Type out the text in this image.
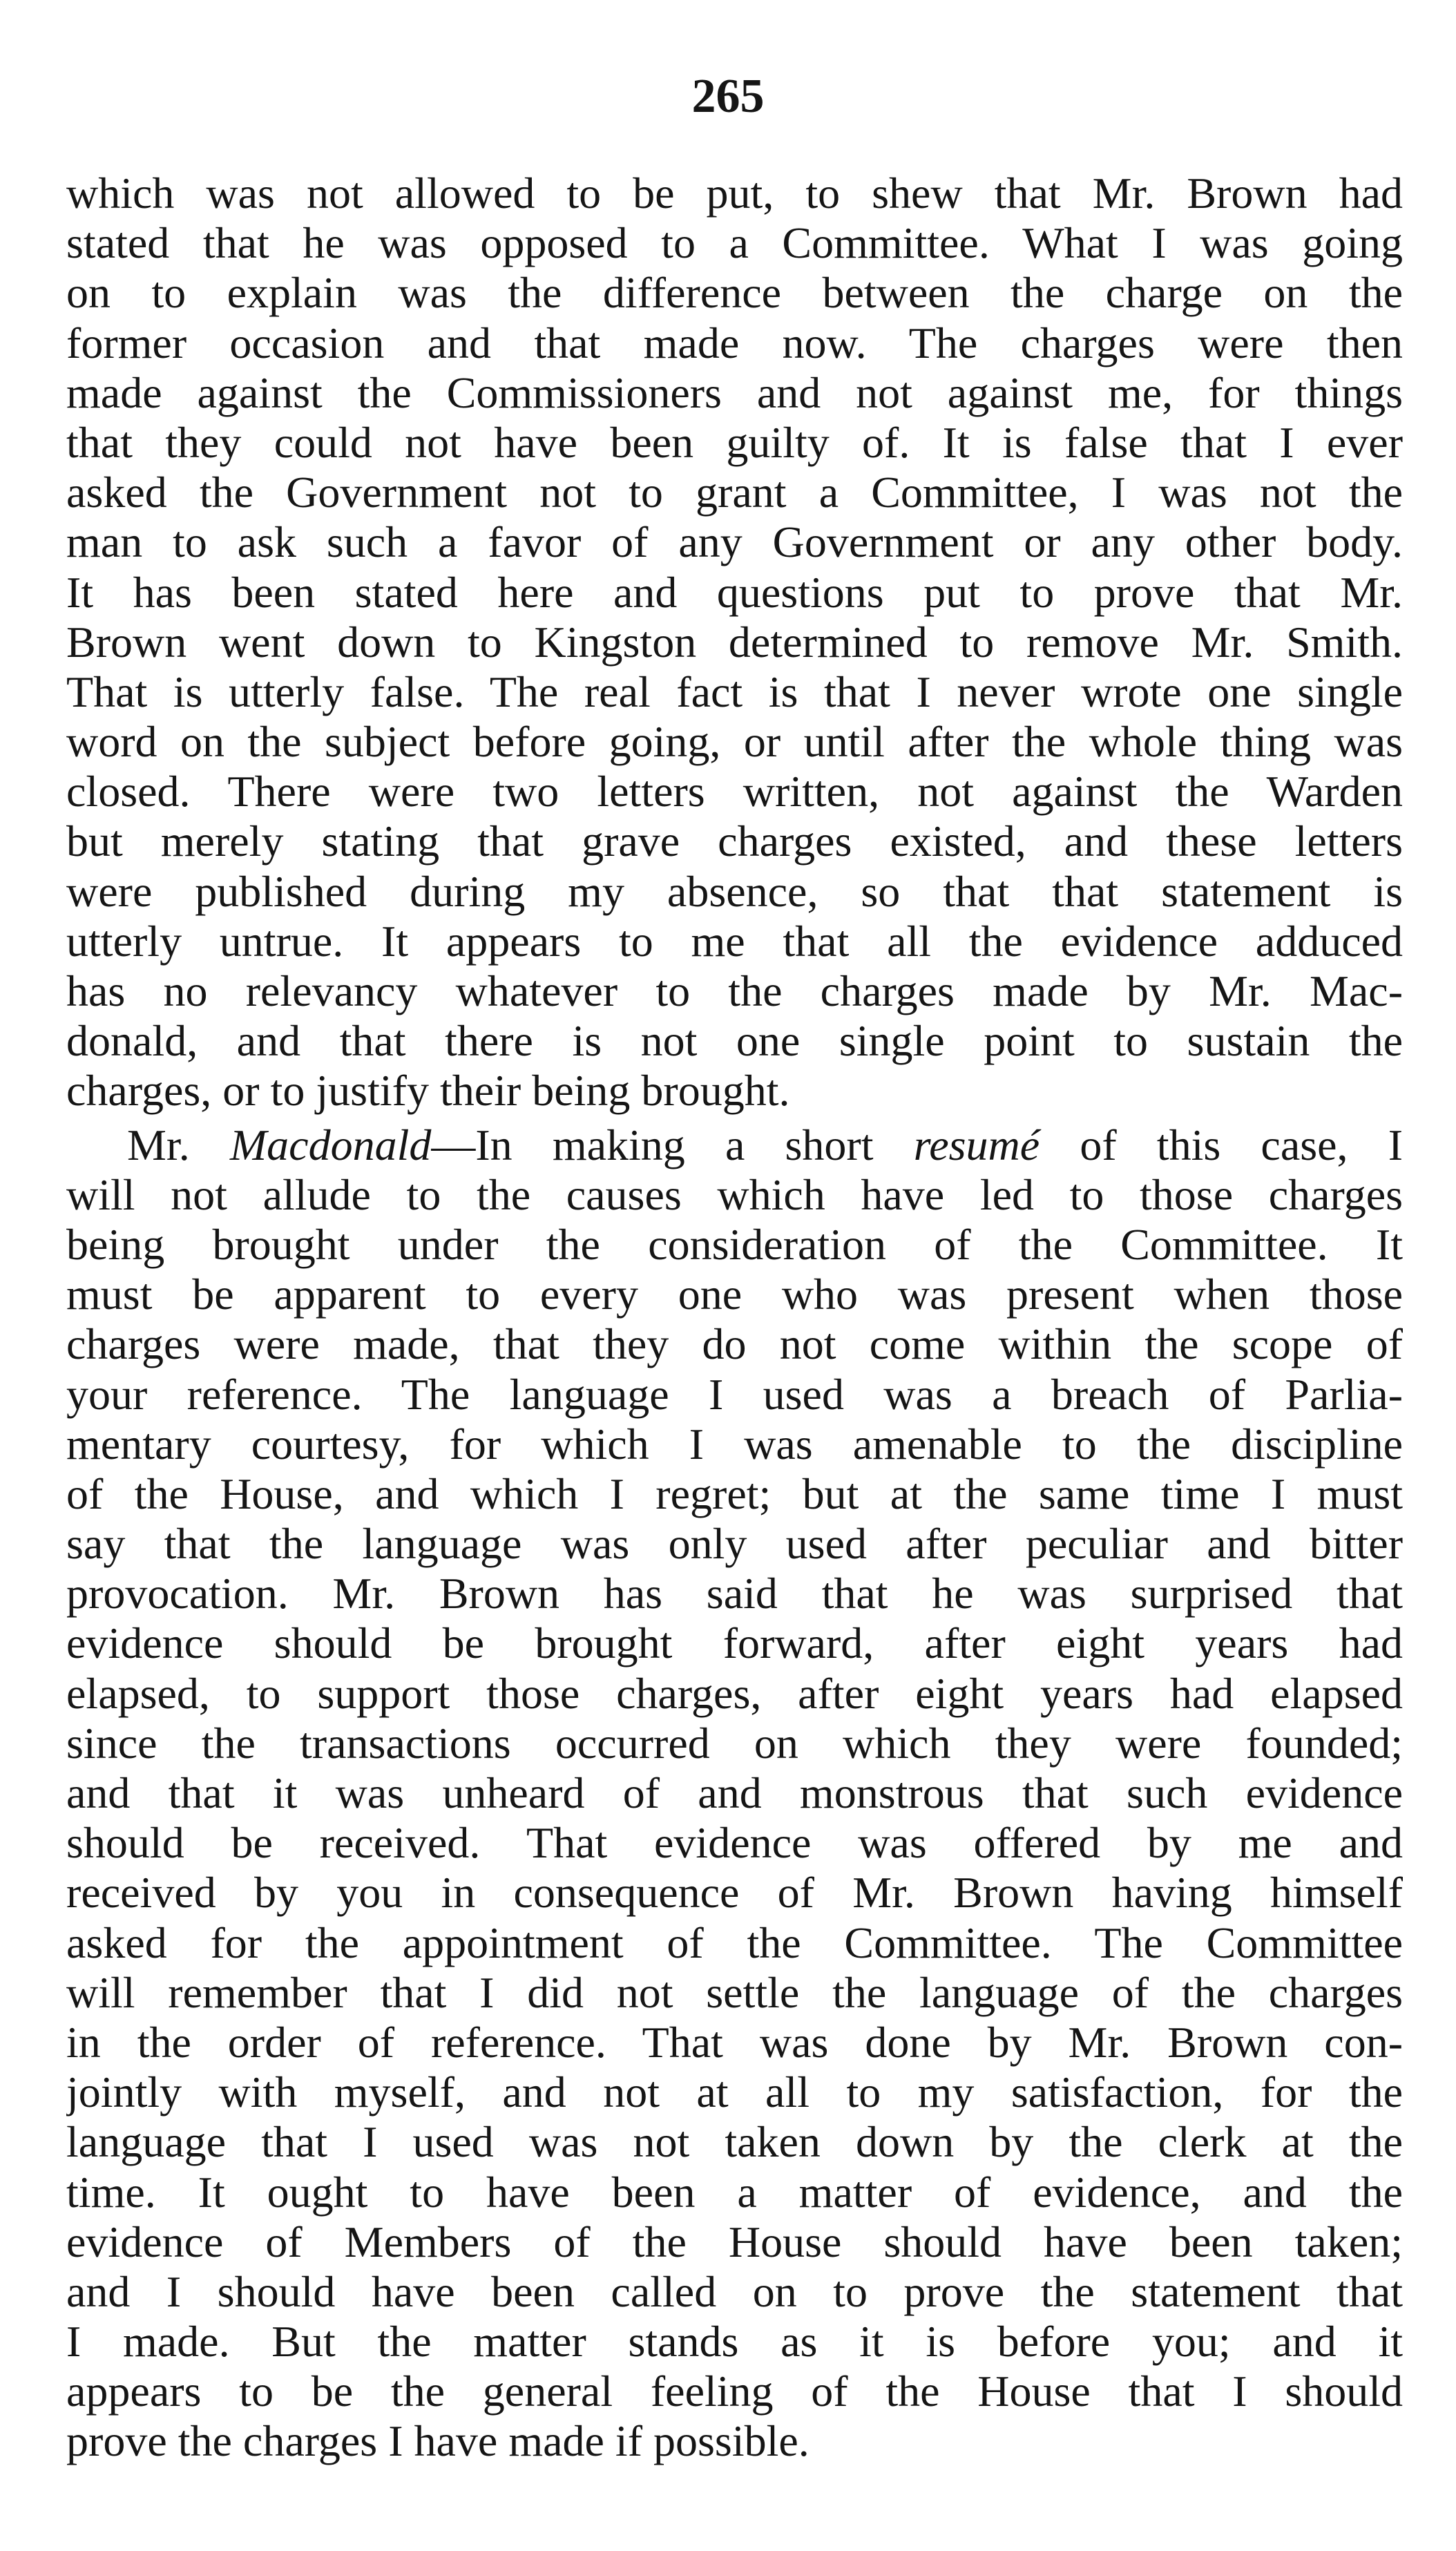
265
which was not allowed to be put, to shew that Mr. Brown had
stated that he was opposed to a Committee. What I was going
on to explain was the difference between the charge on the
former occasion and that made now. The charges were then
made against the Commissioners and not against me, for things
that they could not have been guilty of. It is false that I ever
asked the Government not to grant a Committee, I was not the
man to ask such a favor of any Government or any other body.
It has been stated here and questions put to prove that Mr.
Brown went down to Kingston determined to remove Mr. Smith.
That is utterly false. The real fact is that I never wrote one single
word on the subject before going, or until after the whole thing was
closed. There were two letters written, not against the Warden
but merely stating that grave charges existed, and these letters
were published during my absence, so that that statement is
utterly untrue. It appears to me that all the evidence adduced
has no relevancy whatever to the charges made by Mr. Mac-
donald, and that there is not one single point to sustain the
charges, or to justify their being brought.
Mr. Macdonald—In making a short resumé of this case, I
will not allude to the causes which have led to those charges
being brought under the consideration of the Committee. It
must be apparent to every one who was present when those
charges were made, that they do not come within the scope of
your reference. The language I used was a breach of Parlia-
mentary courtesy, for which I was amenable to the discipline
of the House, and which I regret; but at the same time I must
say that the language was only used after peculiar and bitter
provocation. Mr. Brown has said that he was surprised that
evidence should be brought forward, after eight years had
elapsed, to support those charges, after eight years had elapsed
since the transactions occurred on which they were founded;
and that it was unheard of and monstrous that such evidence
should be received. That evidence was offered by me and
received by you in consequence of Mr. Brown having himself
asked for the appointment of the Committee. The Committee
will remember that I did not settle the language of the charges
in the order of reference. That was done by Mr. Brown con-
jointly with myself, and not at all to my satisfaction, for the
language that I used was not taken down by the clerk at the
time. It ought to have been a matter of evidence, and the
evidence of Members of the House should have been taken;
and I should have been called on to prove the statement that
I made. But the matter stands as it is before you; and it
appears to be the general feeling of the House that I should
prove the charges I have made if possible.
